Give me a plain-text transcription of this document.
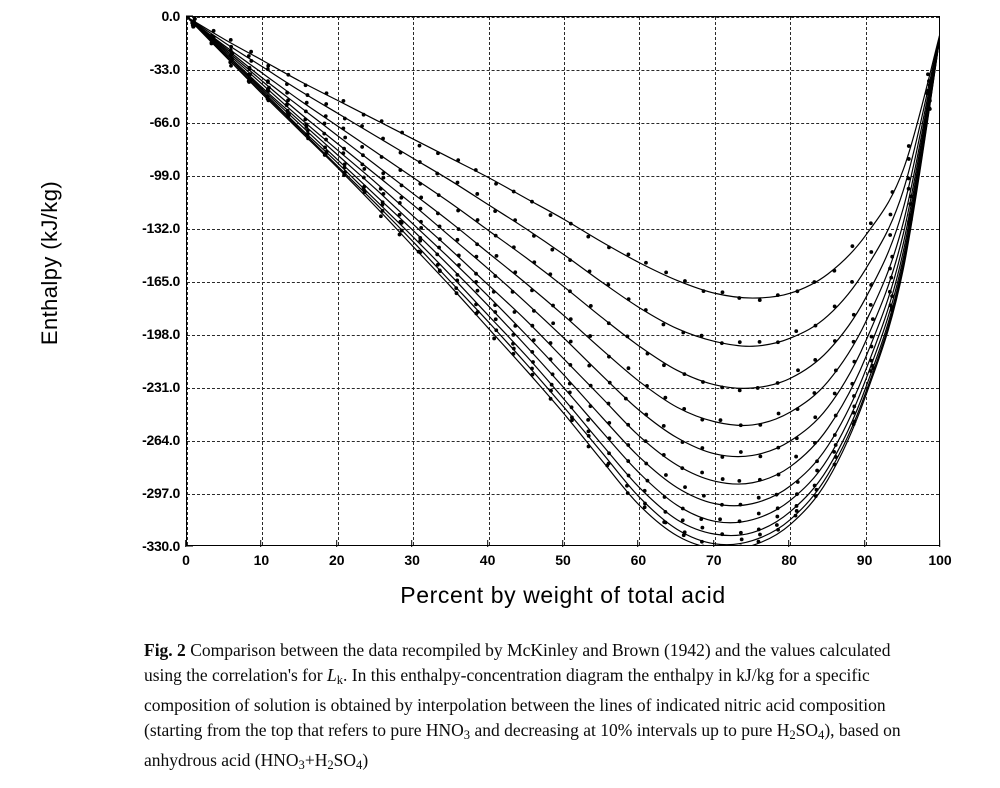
Enthalpy (kJ/kg)
0.0
-33.0
-66.0
-99.0
-132.0
-165.0
-198.0
-231.0
-264.0
-297.0
-330.0
0	10	20	30	40	50	60	70	80	90	100
Percent by weight of total acid

Fig. 2 Comparison between the data recompiled by McKinley and Brown (1942) and the values calculated using the correlation's for $L_k$. In this enthalpy-concentration diagram the enthalpy in kJ/kg for a specific composition of solution is obtained by interpolation between the lines of indicated nitric acid composition (starting from the top that refers to pure $HNO_3$ and decreasing at 10% intervals up to pure $H_2SO_4$), based on anhydrous acid $(HNO_3+H_2SO_4)$
